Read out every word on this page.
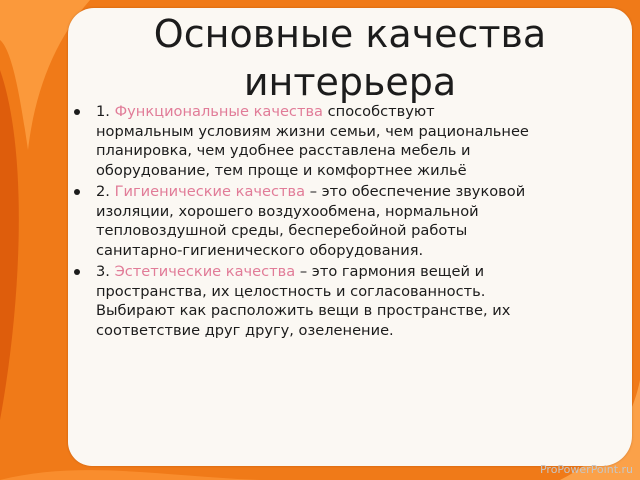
Основные качества интерьера
1. Функциональные качества способствуют нормальным условиям жизни семьи, чем рациональнее планировка, чем удобнее расставлена мебель и оборудование, тем проще и комфортнее жильё
2. Гигиенические качества – это обеспечение звуковой изоляции, хорошего воздухообмена, нормальной тепловоздушной среды, бесперебойной работы санитарно-гигиенического оборудования.
3. Эстетические качества – это гармония вещей и пространства, их целостность и согласованность. Выбирают как расположить вещи в пространстве, их соответствие друг другу, озеленение.
ProPowerPoint.ru
